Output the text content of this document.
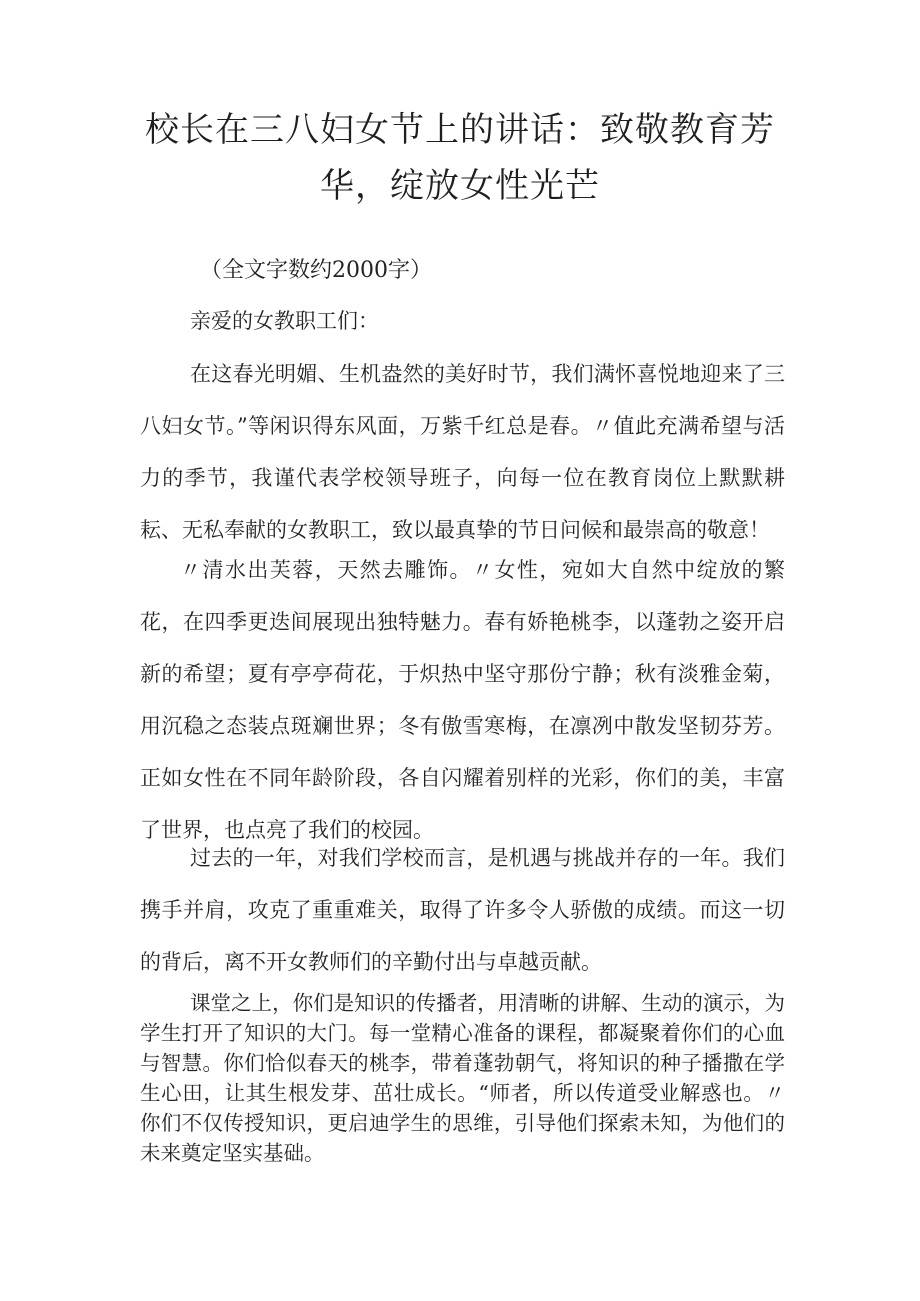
校长在三八妇女节上的讲话：致敬教育芳华，绽放女性光芒
（全文字数约2000字）
亲爱的女教职工们：

在这春光明媚、生机盎然的美好时节，我们满怀喜悦地迎来了三八妇女节。”等闲识得东风面，万紫千红总是春。〃值此充满希望与活力的季节，我谨代表学校领导班子，向每一位在教育岗位上默默耕耘、无私奉献的女教职工，致以最真挚的节日问候和最崇高的敬意！

〃清水出芙蓉，天然去雕饰。〃女性，宛如大自然中绽放的繁花，在四季更迭间展现出独特魅力。春有娇艳桃李，以蓬勃之姿开启新的希望；夏有亭亭荷花，于炽热中坚守那份宁静；秋有淡雅金菊，用沉稳之态装点斑斓世界；冬有傲雪寒梅，在凛冽中散发坚韧芬芳。正如女性在不同年龄阶段，各自闪耀着别样的光彩，你们的美，丰富了世界，也点亮了我们的校园。

过去的一年，对我们学校而言，是机遇与挑战并存的一年。我们携手并肩，攻克了重重难关，取得了许多令人骄傲的成绩。而这一切的背后，离不开女教师们的辛勤付出与卓越贡献。

课堂之上，你们是知识的传播者，用清晰的讲解、生动的演示，为学生打开了知识的大门。每一堂精心准备的课程，都凝聚着你们的心血与智慧。你们恰似春天的桃李，带着蓬勃朝气，将知识的种子播撒在学生心田，让其生根发芽、茁壮成长。“师者，所以传道受业解惑也。〃你们不仅传授知识，更启迪学生的思维，引导他们探索未知，为他们的未来奠定坚实基础。
